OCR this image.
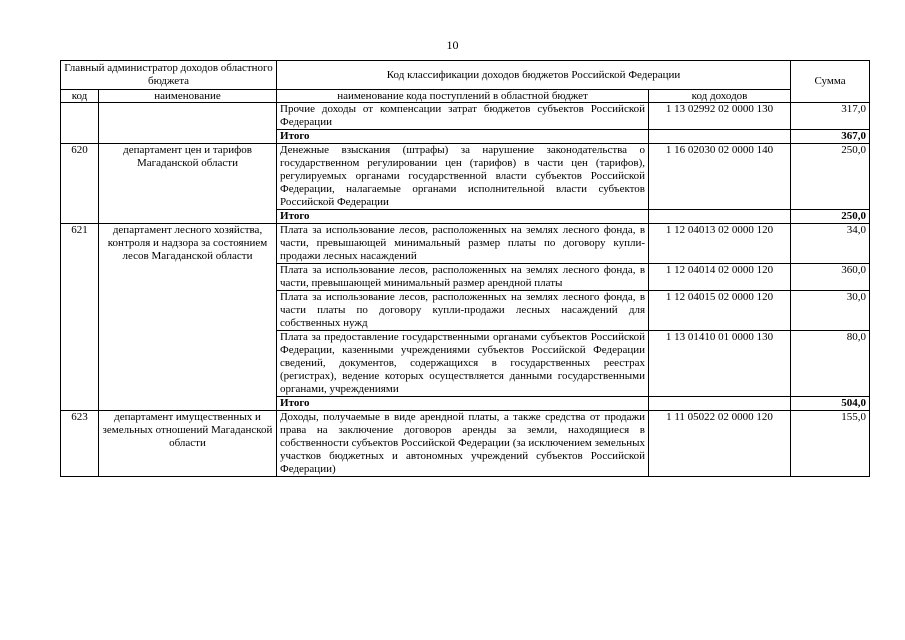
10
Главный администратор доходов областного бюджета		Код классификации доходов бюджетов Российской Федерации		Сумма
код	наименование	наименование кода поступлений в областной бюджет	код доходов	
		Прочие доходы от компенсации затрат бюджетов субъектов Российской Федерации	1 13 02992 02 0000 130	317,0
		Итого		367,0
620	департамент цен и тарифов Магаданской области	Денежные взыскания (штрафы) за нарушение законодательства о государственном регулировании цен (тарифов) в части цен (тарифов), регулируемых органами государственной власти субъектов Российской Федерации, налагаемые органами исполнительной власти субъектов Российской Федерации	1 16 02030 02 0000 140	250,0
		Итого		250,0
621	департамент лесного хозяйства, контроля и надзора за состоянием лесов Магаданской области	Плата за использование лесов, расположенных на землях лесного фонда, в части, превышающей минимальный размер платы по договору купли-продажи лесных насаждений	1 12 04013 02 0000 120	34,0
		Плата за использование лесов, расположенных на землях лесного фонда, в части, превышающей минимальный размер арендной платы	1 12 04014 02 0000 120	360,0
		Плата за использование лесов, расположенных на землях лесного фонда, в части платы по договору купли-продажи лесных насаждений для собственных нужд	1 12 04015 02 0000 120	30,0
		Плата за предоставление государственными органами субъектов Российской Федерации, казенными учреждениями субъектов Российской Федерации сведений, документов, содержащихся в государственных реестрах (регистрах), ведение которых осуществляется данными государственными органами, учреждениями	1 13 01410 01 0000 130	80,0
		Итого		504,0
623	департамент имущественных и земельных отношений Магаданской области	Доходы, получаемые в виде арендной платы, а также средства от продажи права на заключение договоров аренды за земли, находящиеся в собственности субъектов Российской Федерации (за исключением земельных участков бюджетных и автономных учреждений субъектов Российской Федерации)	1 11 05022 02 0000 120	155,0
